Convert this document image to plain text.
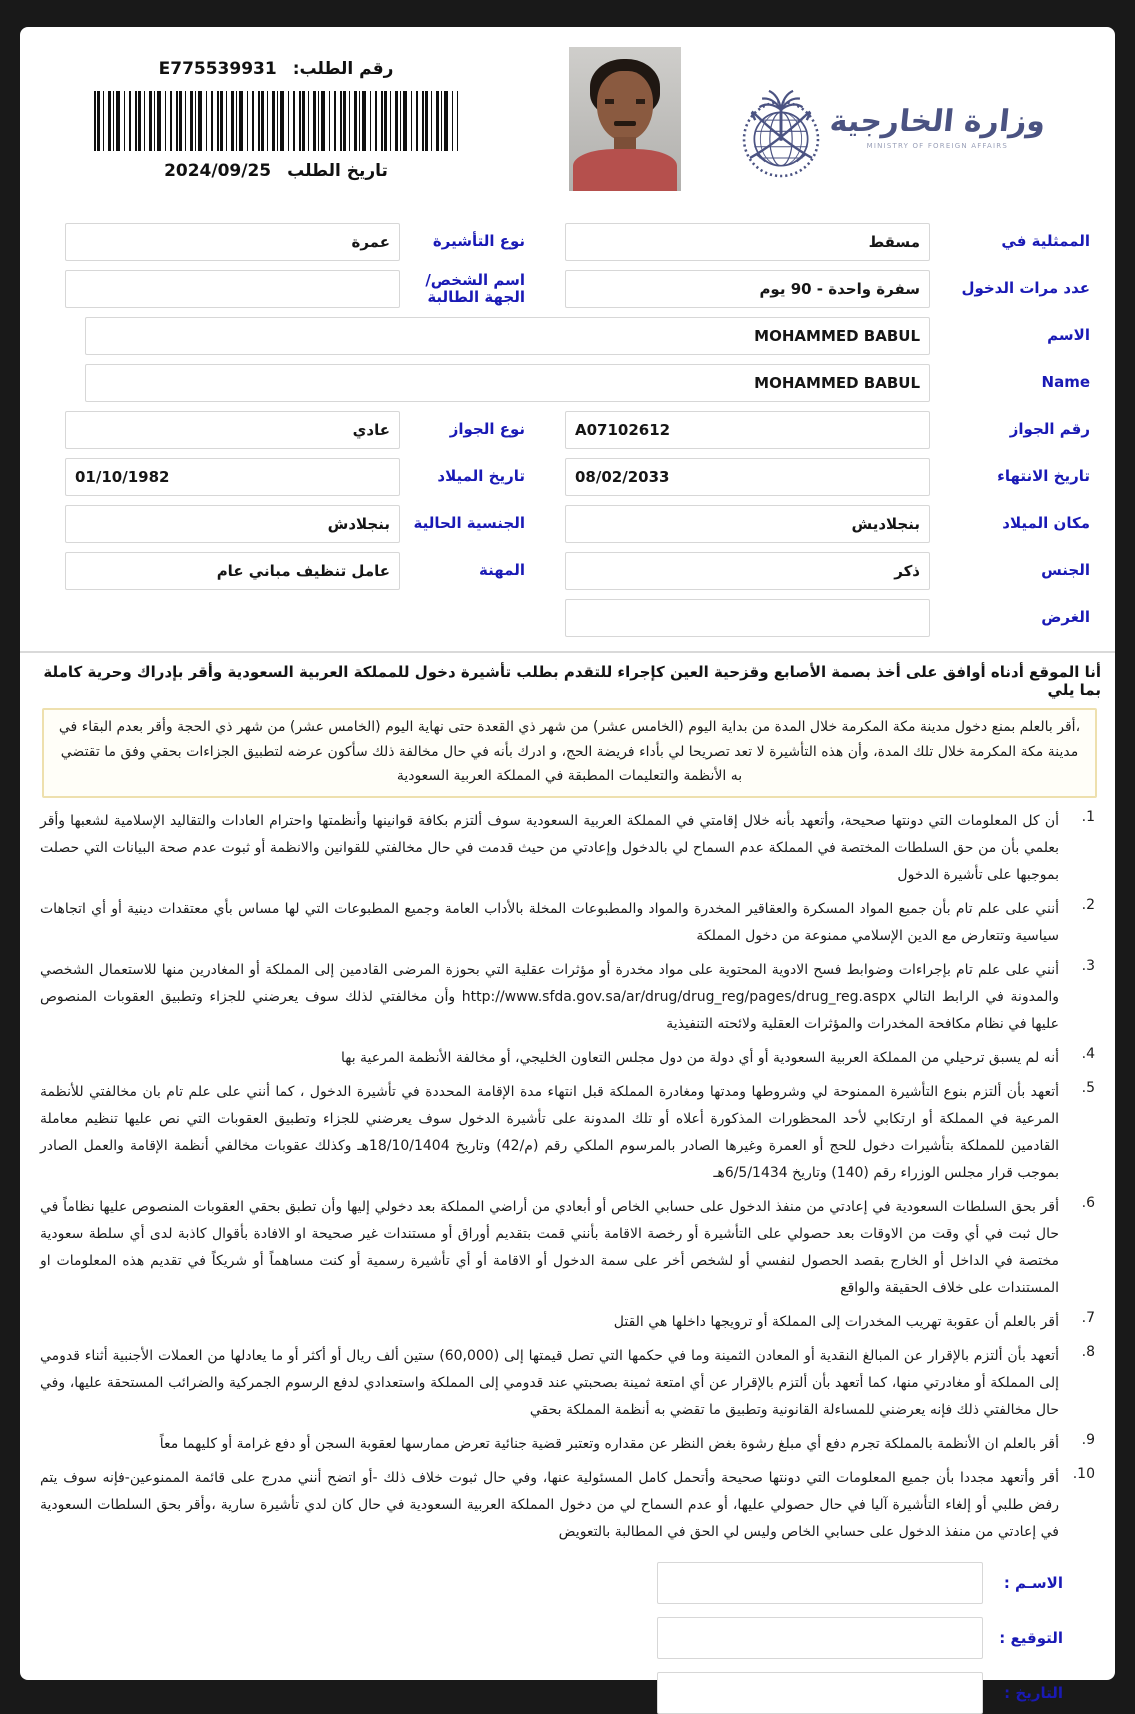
وزارة الخارجية
MINISTRY OF FOREIGN AFFAIRS
رقم الطلب:
E775539931
تاريخ الطلب
2024/09/25
الممثلية في
مسقط
نوع التأشيرة
عمرة
عدد مرات الدخول
سفرة واحدة - 90 يوم
اسم الشخص/الجهة الطالبة
الاسم
MOHAMMED BABUL
Name
MOHAMMED BABUL
رقم الجواز
A07102612
نوع الجواز
عادي
تاريخ الانتهاء
08/02/2033
تاريخ الميلاد
01/10/1982
مكان الميلاد
بنجلاديش
الجنسية الحالية
بنجلادش
الجنس
ذكر
المهنة
عامل تنظيف مباني عام
الغرض
أنا الموقع أدناه أوافق على أخذ بصمة الأصابع وقزحية العين كإجراء للتقدم بطلب تأشيرة دخول للمملكة العربية السعودية وأقر بإدراك وحرية كاملة بما يلي
،أقر بالعلم بمنع دخول مدينة مكة المكرمة خلال المدة من بداية اليوم (الخامس عشر) من شهر ذي القعدة حتى نهاية اليوم (الخامس عشر) من شهر ذي الحجة وأقر بعدم البقاء في مدينة مكة المكرمة خلال تلك المدة، وأن هذه التأشيرة لا تعد تصريحا لي بأداء فريضة الحج، و ادرك بأنه في حال مخالفة ذلك سأكون عرضه لتطبيق الجزاءات بحقي وفق ما تقتضي به الأنظمة والتعليمات المطبقة في المملكة العربية السعودية
1.
أن كل المعلومات التي دونتها صحيحة، وأتعهد بأنه خلال إقامتي في المملكة العربية السعودية سوف ألتزم بكافة قوانينها وأنظمتها واحترام العادات والتقاليد الإسلامية لشعبها وأقر بعلمي بأن من حق السلطات المختصة في المملكة عدم السماح لي بالدخول وإعادتي من حيث قدمت في حال مخالفتي للقوانين والانظمة أو ثبوت عدم صحة البيانات التي حصلت بموجبها على تأشيرة الدخول
2.
أنني على علم تام بأن جميع المواد المسكرة والعقاقير المخدرة والمواد والمطبوعات المخلة بالأداب العامة وجميع المطبوعات التي لها مساس بأي معتقدات دينية أو أي اتجاهات سياسية وتتعارض مع الدين الإسلامي ممنوعة من دخول المملكة
3.
أنني على علم تام بإجراءات وضوابط فسح الادوية المحتوية على مواد مخدرة أو مؤثرات عقلية التي بحوزة المرضى القادمين إلى المملكة أو المغادرين منها للاستعمال الشخصي والمدونة في الرابط التالي http://www.sfda.gov.sa/ar/drug/drug_reg/pages/drug_reg.aspx وأن مخالفتي لذلك سوف يعرضني للجزاء وتطبيق العقوبات المنصوص عليها في نظام مكافحة المخدرات والمؤثرات العقلية ولائحته التنفيذية
4.
أنه لم يسبق ترحيلي من المملكة العربية السعودية أو أي دولة من دول مجلس التعاون الخليجي، أو مخالفة الأنظمة المرعية بها
5.
أتعهد بأن ألتزم بنوع التأشيرة الممنوحة لي وشروطها ومدتها ومغادرة المملكة قبل انتهاء مدة الإقامة المحددة في تأشيرة الدخول ، كما أنني على علم تام بان مخالفتي للأنظمة المرعية في المملكة أو ارتكابي لأحد المحظورات المذكورة أعلاه أو تلك المدونة على تأشيرة الدخول سوف يعرضني للجزاء وتطبيق العقوبات التي نص عليها تنظيم معاملة القادمين للمملكة بتأشيرات دخول للحج أو العمرة وغيرها الصادر بالمرسوم الملكي رقم (م/42) وتاريخ 18/10/1404هـ وكذلك عقوبات مخالفي أنظمة الإقامة والعمل الصادر بموجب قرار مجلس الوزراء رقم (140) وتاريخ 6/5/1434هـ
6.
أقر بحق السلطات السعودية في إعادتي من منفذ الدخول على حسابي الخاص أو أبعادي من أراضي المملكة بعد دخولي إليها وأن تطبق بحقي العقوبات المنصوص عليها نظاماً في حال ثبت في أي وقت من الاوقات بعد حصولي على التأشيرة أو رخصة الاقامة بأنني قمت بتقديم أوراق أو مستندات غير صحيحة او الافادة بأقوال كاذبة لدى أي سلطة سعودية مختصة في الداخل أو الخارج بقصد الحصول لنفسي أو لشخص أخر على سمة الدخول أو الاقامة أو أي تأشيرة رسمية أو كنت مساهماً أو شريكاً في تقديم هذه المعلومات او المستندات على خلاف الحقيقة والواقع
7.
أقر بالعلم أن عقوبة تهريب المخدرات إلى المملكة أو ترويجها داخلها هي القتل
8.
أتعهد بأن ألتزم بالإقرار عن المبالغ النقدية أو المعادن الثمينة وما في حكمها التي تصل قيمتها إلى (60,000) ستين ألف ريال أو أكثر أو ما يعادلها من العملات الأجنبية أثناء قدومي إلى المملكة أو مغادرتي منها، كما أتعهد بأن ألتزم بالإقرار عن أي امتعة ثمينة بصحبتي عند قدومي إلى المملكة واستعدادي لدفع الرسوم الجمركية والضرائب المستحقة عليها، وفي حال مخالفتي ذلك فإنه يعرضني للمساءلة القانونية وتطبيق ما تقضي به أنظمة المملكة بحقي
9.
أقر بالعلم ان الأنظمة بالمملكة تجرم دفع أي مبلغ رشوة بغض النظر عن مقداره وتعتبر قضية جنائية تعرض ممارسها لعقوبة السجن أو دفع غرامة أو كليهما معاً
10.
أقر وأتعهد مجددا بأن جميع المعلومات التي دونتها صحيحة وأتحمل كامل المسئولية عنها، وفي حال ثبوت خلاف ذلك -أو اتضح أنني مدرج على قائمة الممنوعين-فإنه سوف يتم رفض طلبي أو إلغاء التأشيرة آليا في حال حصولي عليها، أو عدم السماح لي من دخول المملكة العربية السعودية في حال كان لدي تأشيرة سارية ،وأقر بحق السلطات السعودية في إعادتي من منفذ الدخول على حسابي الخاص وليس لي الحق في المطالبة بالتعويض
الاسـم :
التوقيع :
التاريخ :
